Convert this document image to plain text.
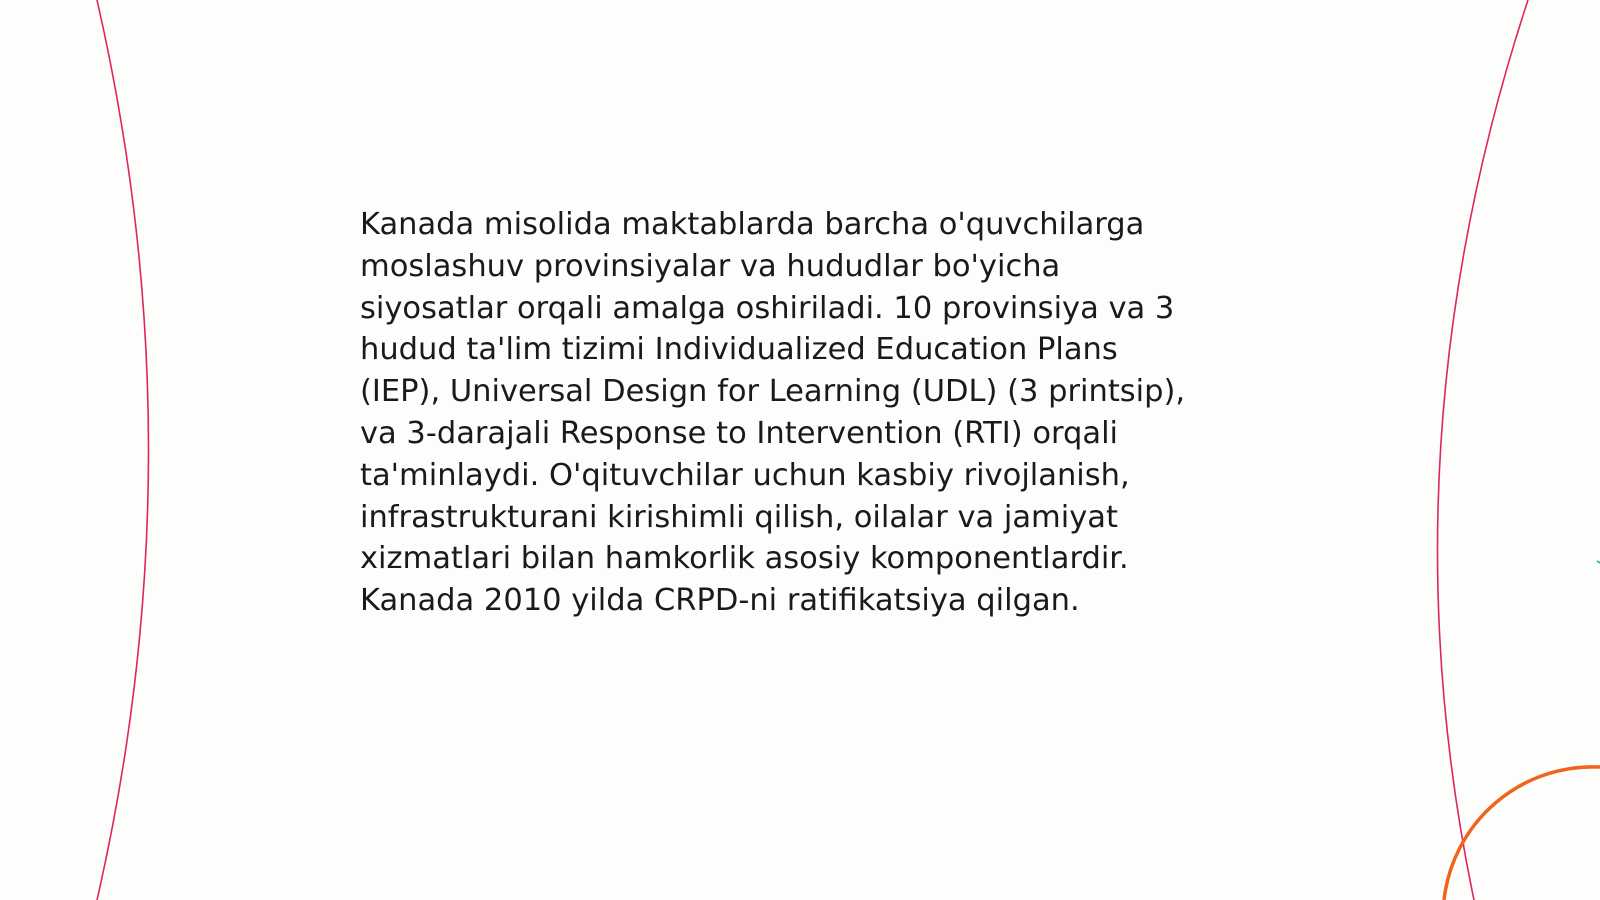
Kanada misolida maktablarda barcha o'quvchilarga
moslashuv provinsiyalar va hududlar bo'yicha
siyosatlar orqali amalga oshiriladi. 10 provinsiya va 3
hudud ta'lim tizimi Individualized Education Plans
(IEP), Universal Design for Learning (UDL) (3 printsip),
va 3-darajali Response to Intervention (RTI) orqali
ta'minlaydi. O'qituvchilar uchun kasbiy rivojlanish,
infrastrukturani kirishimli qilish, oilalar va jamiyat
xizmatlari bilan hamkorlik asosiy komponentlardir.
Kanada 2010 yilda CRPD-ni ratifikatsiya qilgan.
